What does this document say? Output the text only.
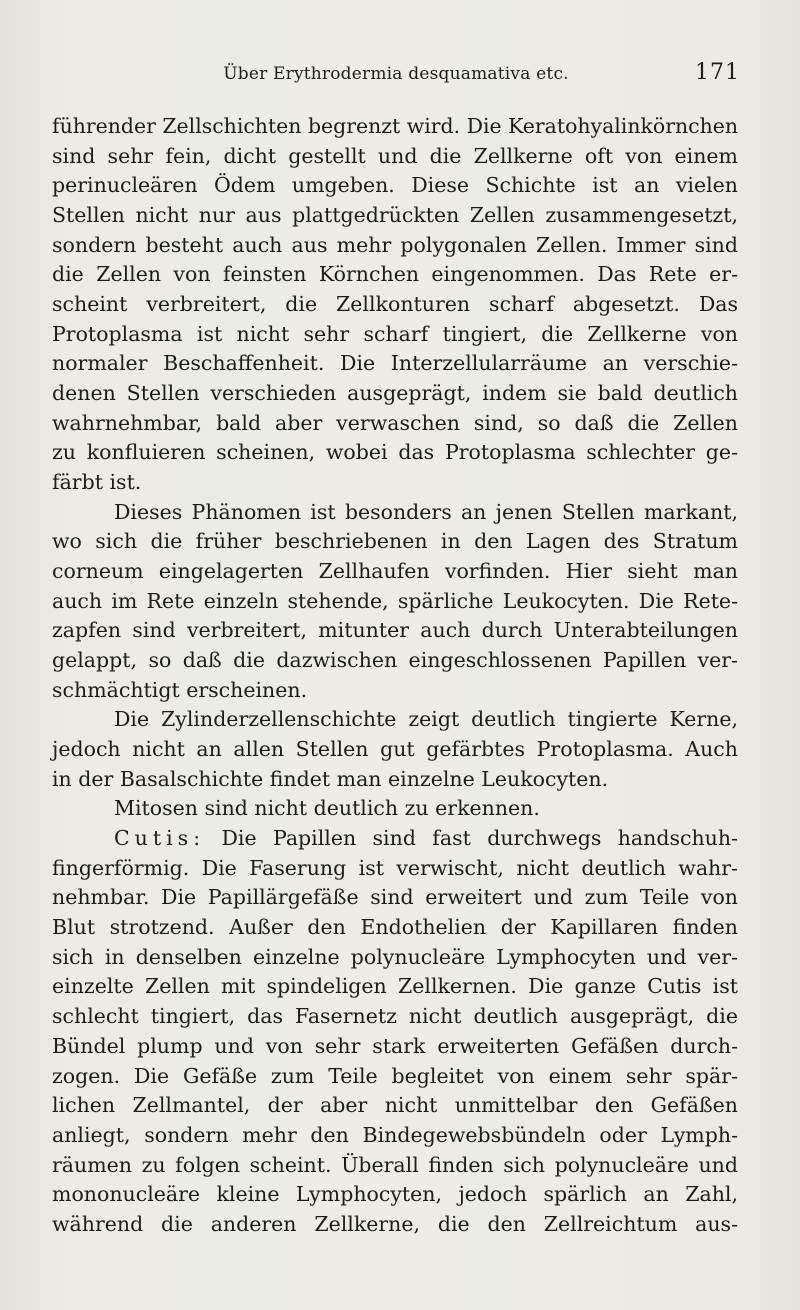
Über Erythrodermia desquamativa etc.	171
führender Zellschichten begrenzt wird. Die Keratohyalinkörnchen
sind sehr fein, dicht gestellt und die Zellkerne oft von einem
perinucleären Ödem umgeben. Diese Schichte ist an vielen
Stellen nicht nur aus plattgedrückten Zellen zusammengesetzt,
sondern besteht auch aus mehr polygonalen Zellen. Immer sind
die Zellen von feinsten Körnchen eingenommen. Das Rete er-
scheint verbreitert, die Zellkonturen scharf abgesetzt. Das
Protoplasma ist nicht sehr scharf tingiert, die Zellkerne von
normaler Beschaffenheit. Die Interzellularräume an verschie-
denen Stellen verschieden ausgeprägt, indem sie bald deutlich
wahrnehmbar, bald aber verwaschen sind, so daß die Zellen
zu konfluieren scheinen, wobei das Protoplasma schlechter ge-
färbt ist.
Dieses Phänomen ist besonders an jenen Stellen markant,
wo sich die früher beschriebenen in den Lagen des Stratum
corneum eingelagerten Zellhaufen vorfinden. Hier sieht man
auch im Rete einzeln stehende, spärliche Leukocyten. Die Rete-
zapfen sind verbreitert, mitunter auch durch Unterabteilungen
gelappt, so daß die dazwischen eingeschlossenen Papillen ver-
schmächtigt erscheinen.
Die Zylinderzellenschichte zeigt deutlich tingierte Kerne,
jedoch nicht an allen Stellen gut gefärbtes Protoplasma. Auch
in der Basalschichte findet man einzelne Leukocyten.
Mitosen sind nicht deutlich zu erkennen.
Cutis: Die Papillen sind fast durchwegs handschuh-
fingerförmig. Die Faserung ist verwischt, nicht deutlich wahr-
nehmbar. Die Papillärgefäße sind erweitert und zum Teile von
Blut strotzend. Außer den Endothelien der Kapillaren finden
sich in denselben einzelne polynucleäre Lymphocyten und ver-
einzelte Zellen mit spindeligen Zellkernen. Die ganze Cutis ist
schlecht tingiert, das Fasernetz nicht deutlich ausgeprägt, die
Bündel plump und von sehr stark erweiterten Gefäßen durch-
zogen. Die Gefäße zum Teile begleitet von einem sehr spär-
lichen Zellmantel, der aber nicht unmittelbar den Gefäßen
anliegt, sondern mehr den Bindegewebsbündeln oder Lymph-
räumen zu folgen scheint. Überall finden sich polynucleäre und
mononucleäre kleine Lymphocyten, jedoch spärlich an Zahl,
während die anderen Zellkerne, die den Zellreichtum aus-
